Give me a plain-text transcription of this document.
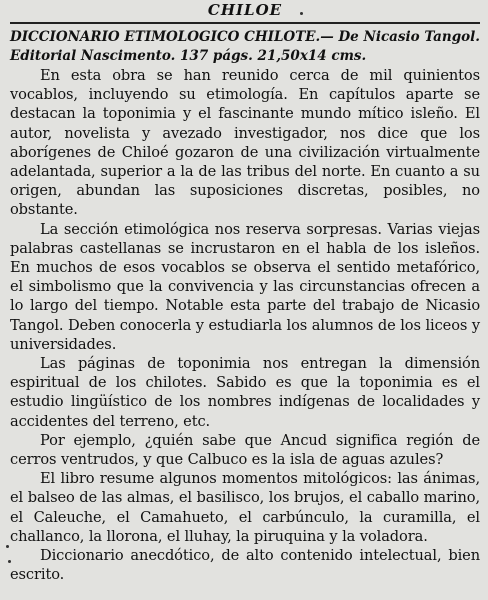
CHILOE

DICCIONARIO ETIMOLOGICO CHILOTE.— De Nicasio Tangol. Editorial Nascimento. 137 págs. 21,50x14 cms.

En esta obra se han reunido cerca de mil quinientos vocablos, incluyendo su etimología. En capítulos aparte se destacan la toponimia y el fascinante mundo mítico isleño. El autor, novelista y avezado investigador, nos dice que los aborígenes de Chiloé gozaron de una civilización virtualmente adelantada, superior a la de las tribus del norte. En cuanto a su origen, abundan las suposiciones discretas, posibles, no obstante.

La sección etimológica nos reserva sorpresas. Varias viejas palabras castellanas se incrustaron en el habla de los isleños. En muchos de esos vocablos se observa el sentido metafórico, el simbolismo que la convivencia y las circunstancias ofrecen a lo largo del tiempo. Notable esta parte del trabajo de Nicasio Tangol. Deben conocerla y estudiarla los alumnos de los liceos y universidades.

Las páginas de toponimia nos entregan la dimensión espiritual de los chilotes. Sabido es que la toponimia es el estudio lingüístico de los nombres indígenas de localidades y accidentes del terreno, etc.

Por ejemplo, ¿quién sabe que Ancud significa región de cerros ventrudos, y que Calbuco es la isla de aguas azules?

El libro resume algunos momentos mitológicos: las ánimas, el balseo de las almas, el basilisco, los brujos, el caballo marino, el Caleuche, el Camahueto, el carbúnculo, la curamilla, el challanco, la llorona, el lluhay, la piruquina y la voladora.

Diccionario anecdótico, de alto contenido intelectual, bien escrito.
